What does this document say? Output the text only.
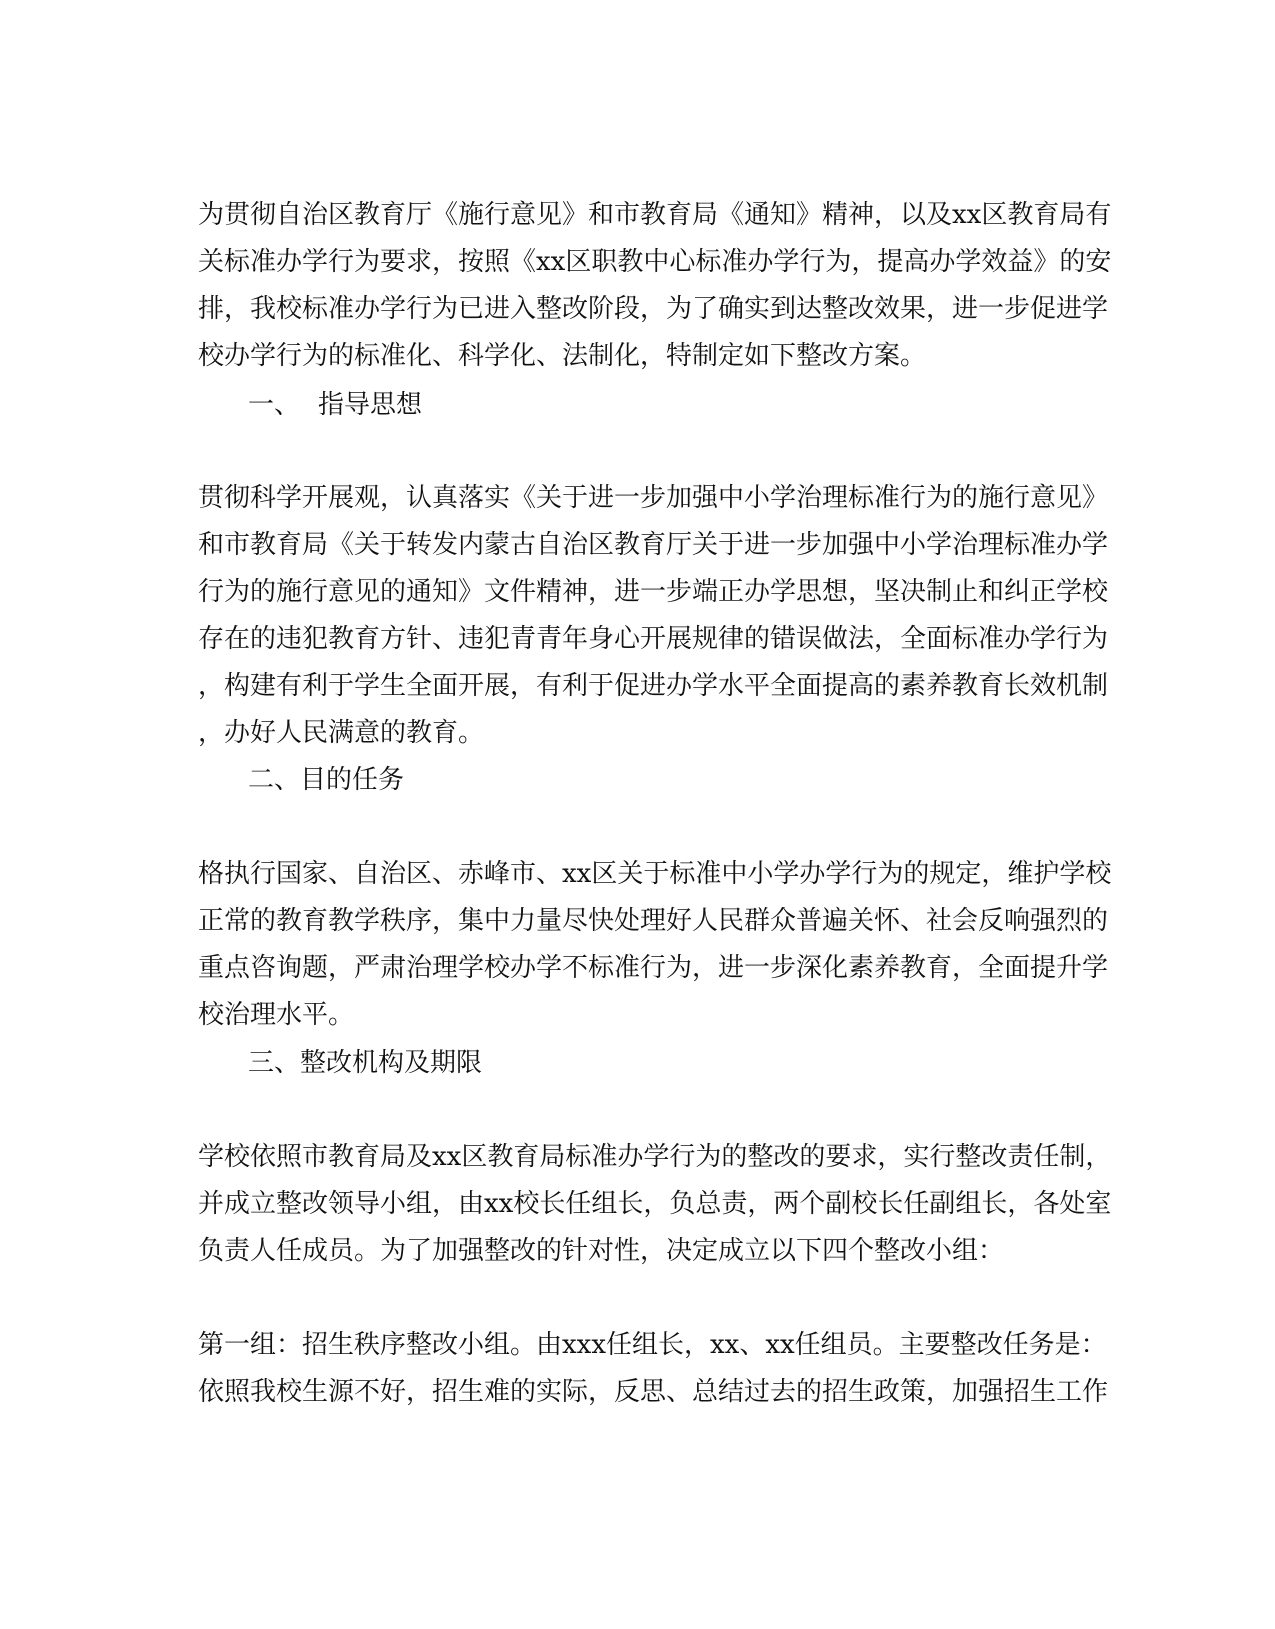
为贯彻自治区教育厅《施行意见》和市教育局《通知》精神，以及xx区教育局有
关标准办学行为要求，按照《xx区职教中心标准办学行为，提高办学效益》的安
排，我校标准办学行为已进入整改阶段，为了确实到达整改效果，进一步促进学
校办学行为的标准化、科学化、法制化，特制定如下整改方案。
一、 指导思想
贯彻科学开展观，认真落实《关于进一步加强中小学治理标准行为的施行意见》
和市教育局《关于转发内蒙古自治区教育厅关于进一步加强中小学治理标准办学
行为的施行意见的通知》文件精神，进一步端正办学思想，坚决制止和纠正学校
存在的违犯教育方针、违犯青青年身心开展规律的错误做法，全面标准办学行为
，构建有利于学生全面开展，有利于促进办学水平全面提高的素养教育长效机制
，办好人民满意的教育。
二、目的任务
格执行国家、自治区、赤峰市、xx区关于标准中小学办学行为的规定，维护学校
正常的教育教学秩序，集中力量尽快处理好人民群众普遍关怀、社会反响强烈的
重点咨询题，严肃治理学校办学不标准行为，进一步深化素养教育，全面提升学
校治理水平。
三、整改机构及期限
学校依照市教育局及xx区教育局标准办学行为的整改的要求，实行整改责任制，
并成立整改领导小组，由xx校长任组长，负总责，两个副校长任副组长，各处室
负责人任成员。为了加强整改的针对性，决定成立以下四个整改小组：
第一组：招生秩序整改小组。由xxx任组长，xx、xx任组员。主要整改任务是：
依照我校生源不好，招生难的实际，反思、总结过去的招生政策，加强招生工作
